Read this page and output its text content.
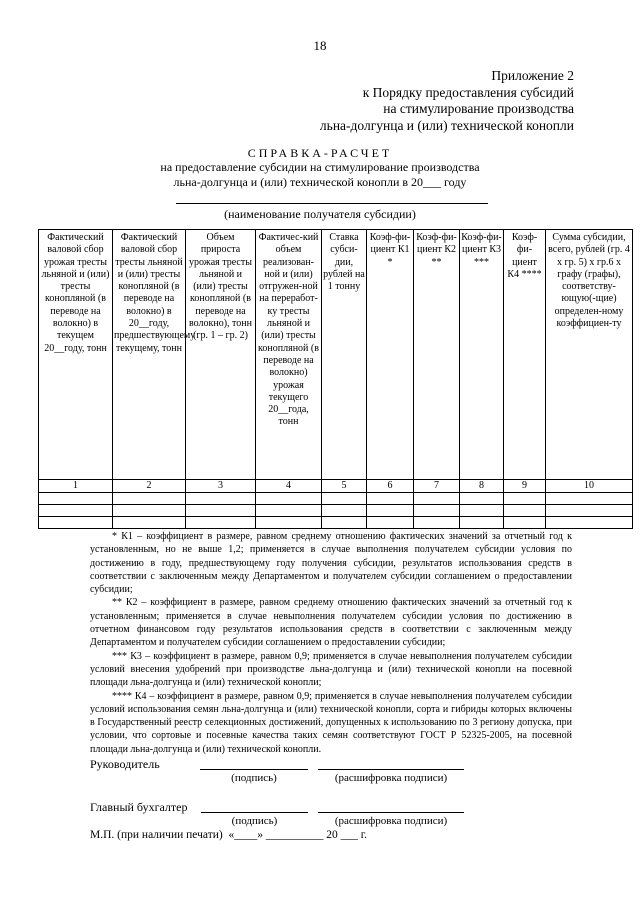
18
Приложение 2
к Порядку предоставления субсидий
на стимулирование производства
льна-долгунца и (или) технической конопли
СПРАВКА-РАСЧЕТ
на предоставление субсидии на стимулирование производства
льна-долгунца и (или) технической конопли в 20___ году
(наименование получателя субсидии)
Фактический валовой сбор урожая тресты льняной и (или) тресты конопляной (в переводе на волокно) в текущем 20__году, тонн	Фактический валовой сбор тресты льняной и (или) тресты конопляной (в переводе на волокно) в 20__году, предшествующему текущему, тонн	Объем прироста урожая тресты льняной и (или) тресты конопляной (в переводе на волокно), тонн (гр. 1 – гр. 2)	Фактичес-кий объем реализован-ной и (или) отгружен-ной на переработ-ку тресты льняной и (или) тресты конопляной (в переводе на волокно) урожая текущего 20__года, тонн	Ставка субси-дии, рублей на 1 тонну	Коэф-фи-циент К1 *	Коэф-фи-циент К2 **	Коэф-фи-циент К3 ***	Коэф-фи-циент К4 ****	Сумма субсидии, всего, рублей (гр. 4 х гр. 5) х гр.6 х графу (графы), соответству-ющую(-щие) определен-ному коэффициен-ту
1	2	3	4	5	6	7	8	9	10

* К1 – коэффициент в размере, равном среднему отношению фактических значений за отчетный год к установленным, но не выше 1,2; применяется в случае выполнения получателем субсидии условия по достижению в году, предшествующему году получения субсидии, результатов использования средств в соответствии с заключенным между Департаментом и получателем субсидии соглашением о предоставлении субсидии;

** К2 – коэффициент в размере, равном среднему отношению фактических значений за отчетный год к установленным; применяется в случае невыполнения получателем субсидии условия по достижению в отчетном финансовом году результатов использования средств в соответствии с заключенным между Департаментом и получателем субсидии соглашением о предоставлении субсидии;

*** К3 – коэффициент в размере, равном 0,9; применяется в случае невыполнения получателем субсидии условий внесения удобрений при производстве льна-долгунца и (или) технической конопли на посевной площади льна-долгунца и (или) технической конопли;

**** К4 – коэффициент в размере, равном 0,9; применяется в случае невыполнения получателем субсидии условий использования семян льна-долгунца и (или) технической конопли, сорта и гибриды которых включены в Государственный реестр селекционных достижений, допущенных к использованию по 3 региону допуска, при условии, что сортовые и посевные качества таких семян соответствуют ГОСТ Р 52325-2005, на посевной площади льна-долгунца и (или) технической конопли.

Руководитель
(подпись)	(расшифровка подписи)
Главный бухгалтер
(подпись)	(расшифровка подписи)
М.П. (при наличии печати)  «____» __________ 20 ___ г.
